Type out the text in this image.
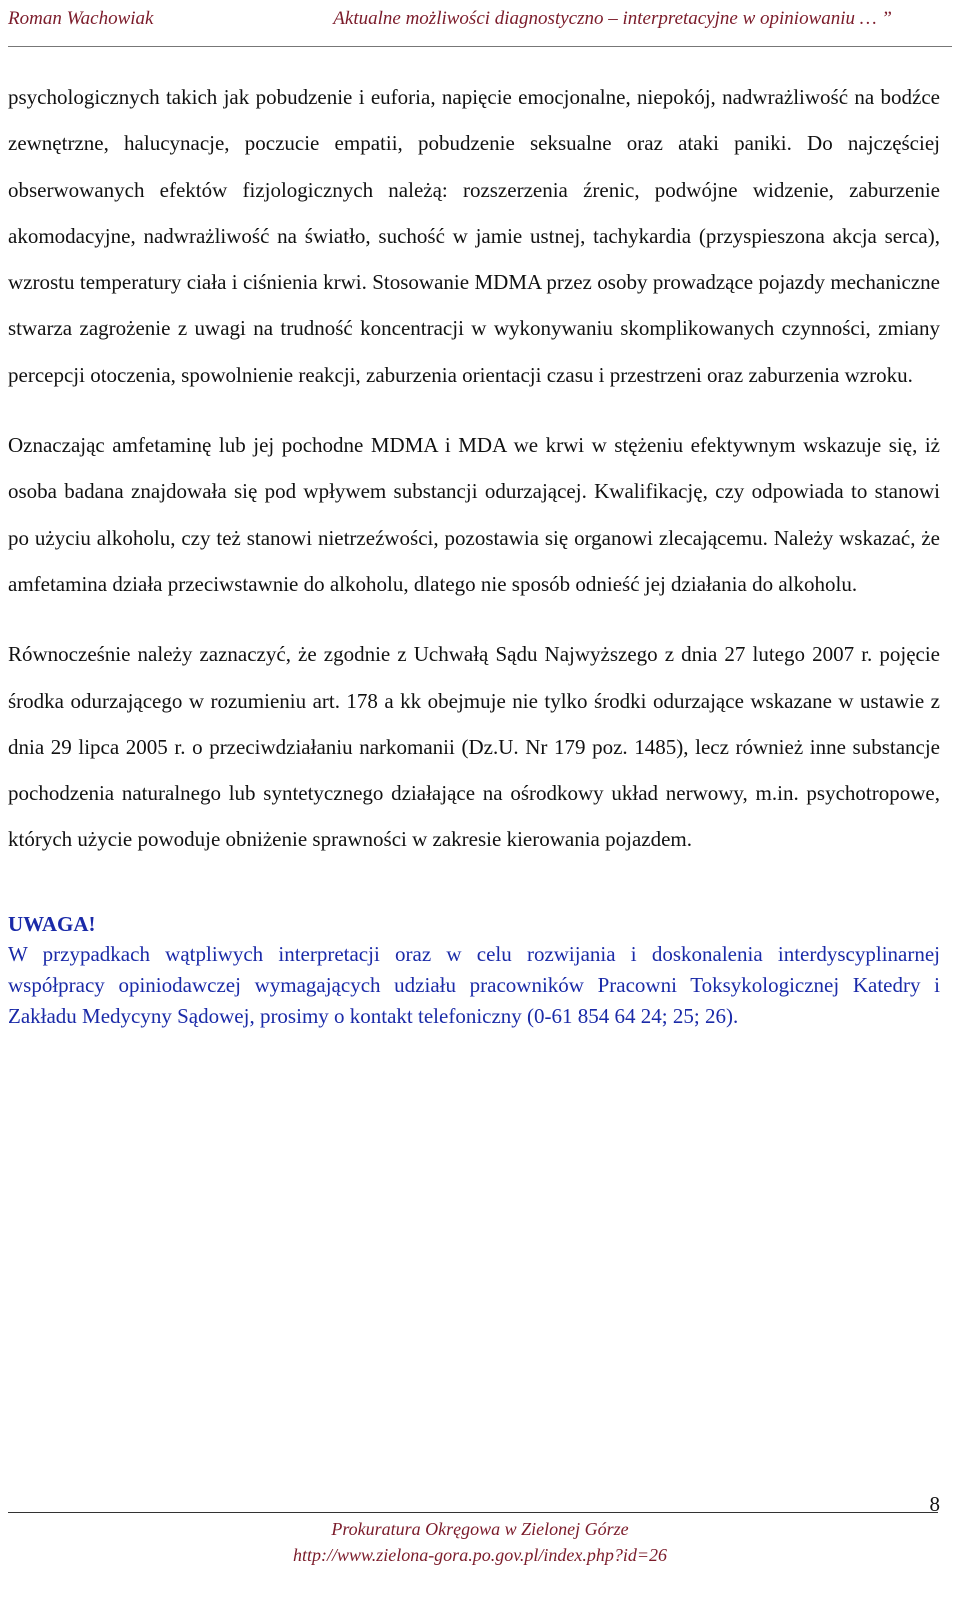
Roman Wachowiak	Aktualne możliwości diagnostyczno – interpretacyjne w opiniowaniu … ”

psychologicznych takich jak pobudzenie i euforia, napięcie emocjonalne, niepokój, nadwrażliwość na bodźce zewnętrzne, halucynacje, poczucie empatii, pobudzenie seksualne oraz ataki paniki. Do najczęściej obserwowanych efektów fizjologicznych należą: rozszerzenia źrenic, podwójne widzenie, zaburzenie akomodacyjne, nadwrażliwość na światło, suchość w jamie ustnej, tachykardia (przyspieszona akcja serca), wzrostu temperatury ciała i ciśnienia krwi. Stosowanie MDMA przez osoby prowadzące pojazdy mechaniczne stwarza zagrożenie z uwagi na trudność koncentracji w wykonywaniu skomplikowanych czynności, zmiany percepcji otoczenia, spowolnienie reakcji, zaburzenia orientacji czasu i przestrzeni oraz zaburzenia wzroku.

Oznaczając amfetaminę lub jej pochodne MDMA i MDA we krwi w stężeniu efektywnym wskazuje się, iż osoba badana znajdowała się pod wpływem substancji odurzającej. Kwalifikację, czy odpowiada to stanowi po użyciu alkoholu, czy też stanowi nietrzeźwości, pozostawia się organowi zlecającemu. Należy wskazać, że amfetamina działa przeciwstawnie do alkoholu, dlatego nie sposób odnieść jej działania do alkoholu.

Równocześnie należy zaznaczyć, że zgodnie z Uchwałą Sądu Najwyższego z dnia 27 lutego 2007 r. pojęcie środka odurzającego w rozumieniu art. 178 a kk obejmuje nie tylko środki odurzające wskazane w ustawie z dnia 29 lipca 2005 r. o przeciwdziałaniu narkomanii (Dz.U. Nr 179 poz. 1485), lecz również inne substancje pochodzenia naturalnego lub syntetycznego działające na ośrodkowy układ nerwowy, m.in. psychotropowe, których użycie powoduje obniżenie sprawności w zakresie kierowania pojazdem.

UWAGA!

W przypadkach wątpliwych interpretacji oraz w celu rozwijania i doskonalenia interdyscyplinarnej współpracy opiniodawczej wymagających udziału pracowników Pracowni Toksykologicznej Katedry i Zakładu Medycyny Sądowej, prosimy o kontakt telefoniczny (0-61 854 64 24; 25; 26).

8
Prokuratura Okręgowa w Zielonej Górze
http://www.zielona-gora.po.gov.pl/index.php?id=26
